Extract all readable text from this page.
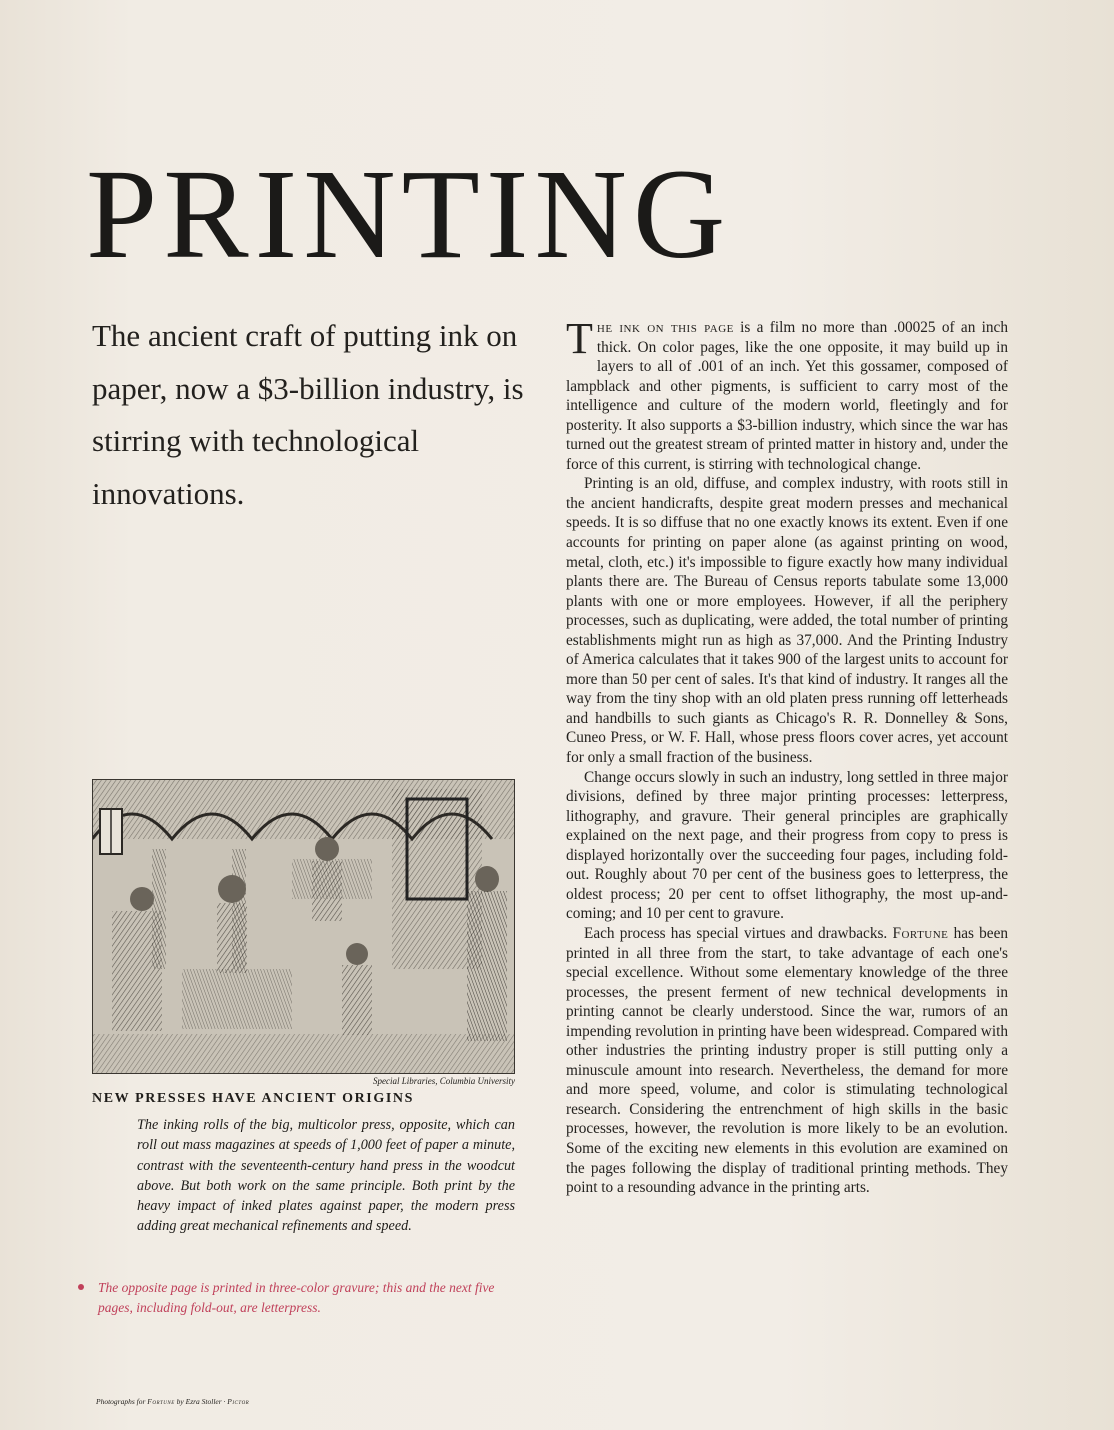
PRINTING

The ancient craft of putting ink on paper, now a $3-billion industry, is stirring with technological innovations.

The ink on this page is a film no more than .00025 of an inch thick. On color pages, like the one opposite, it may build up in layers to all of .001 of an inch. Yet this gossamer, composed of lampblack and other pigments, is sufficient to carry most of the intelligence and culture of the modern world, fleetingly and for posterity. It also supports a $3-billion industry, which since the war has turned out the greatest stream of printed matter in history and, under the force of this current, is stirring with technological change.

Printing is an old, diffuse, and complex industry, with roots still in the ancient handicrafts, despite great modern presses and mechanical speeds. It is so diffuse that no one exactly knows its extent. Even if one accounts for printing on paper alone (as against printing on wood, metal, cloth, etc.) it's impossible to figure exactly how many individual plants there are. The Bureau of Census reports tabulate some 13,000 plants with one or more employees. However, if all the periphery processes, such as duplicating, were added, the total number of printing establishments might run as high as 37,000. And the Printing Industry of America calculates that it takes 900 of the largest units to account for more than 50 per cent of sales. It's that kind of industry. It ranges all the way from the tiny shop with an old platen press running off letterheads and handbills to such giants as Chicago's R. R. Donnelley & Sons, Cuneo Press, or W. F. Hall, whose press floors cover acres, yet account for only a small fraction of the business.

Change occurs slowly in such an industry, long settled in three major divisions, defined by three major printing processes: letterpress, lithography, and gravure. Their general principles are graphically explained on the next page, and their progress from copy to press is displayed horizontally over the succeeding four pages, including fold-out. Roughly about 70 per cent of the business goes to letterpress, the oldest process; 20 per cent to offset lithography, the most up-and-coming; and 10 per cent to gravure.

Each process has special virtues and drawbacks. Fortune has been printed in all three from the start, to take advantage of each one's special excellence. Without some elementary knowledge of the three processes, the present ferment of new technical developments in printing cannot be clearly understood. Since the war, rumors of an impending revolution in printing have been widespread. Compared with other industries the printing industry proper is still putting only a minuscule amount into research. Nevertheless, the demand for more and more speed, volume, and color is stimulating technological research. Considering the entrenchment of high skills in the basic processes, however, the revolution is more likely to be an evolution. Some of the exciting new elements in this evolution are examined on the pages following the display of traditional printing methods. They point to a resounding advance in the printing arts.

Special Libraries, Columbia University

NEW PRESSES HAVE ANCIENT ORIGINS

The inking rolls of the big, multicolor press, opposite, which can roll out mass magazines at speeds of 1,000 feet of paper a minute, contrast with the seventeenth-century hand press in the woodcut above. But both work on the same principle. Both print by the heavy impact of inked plates against paper, the modern press adding great mechanical refinements and speed.

The opposite page is printed in three-color gravure; this and the next five pages, including fold-out, are letterpress.

Photographs for Fortune by Ezra Stoller · Pictor
